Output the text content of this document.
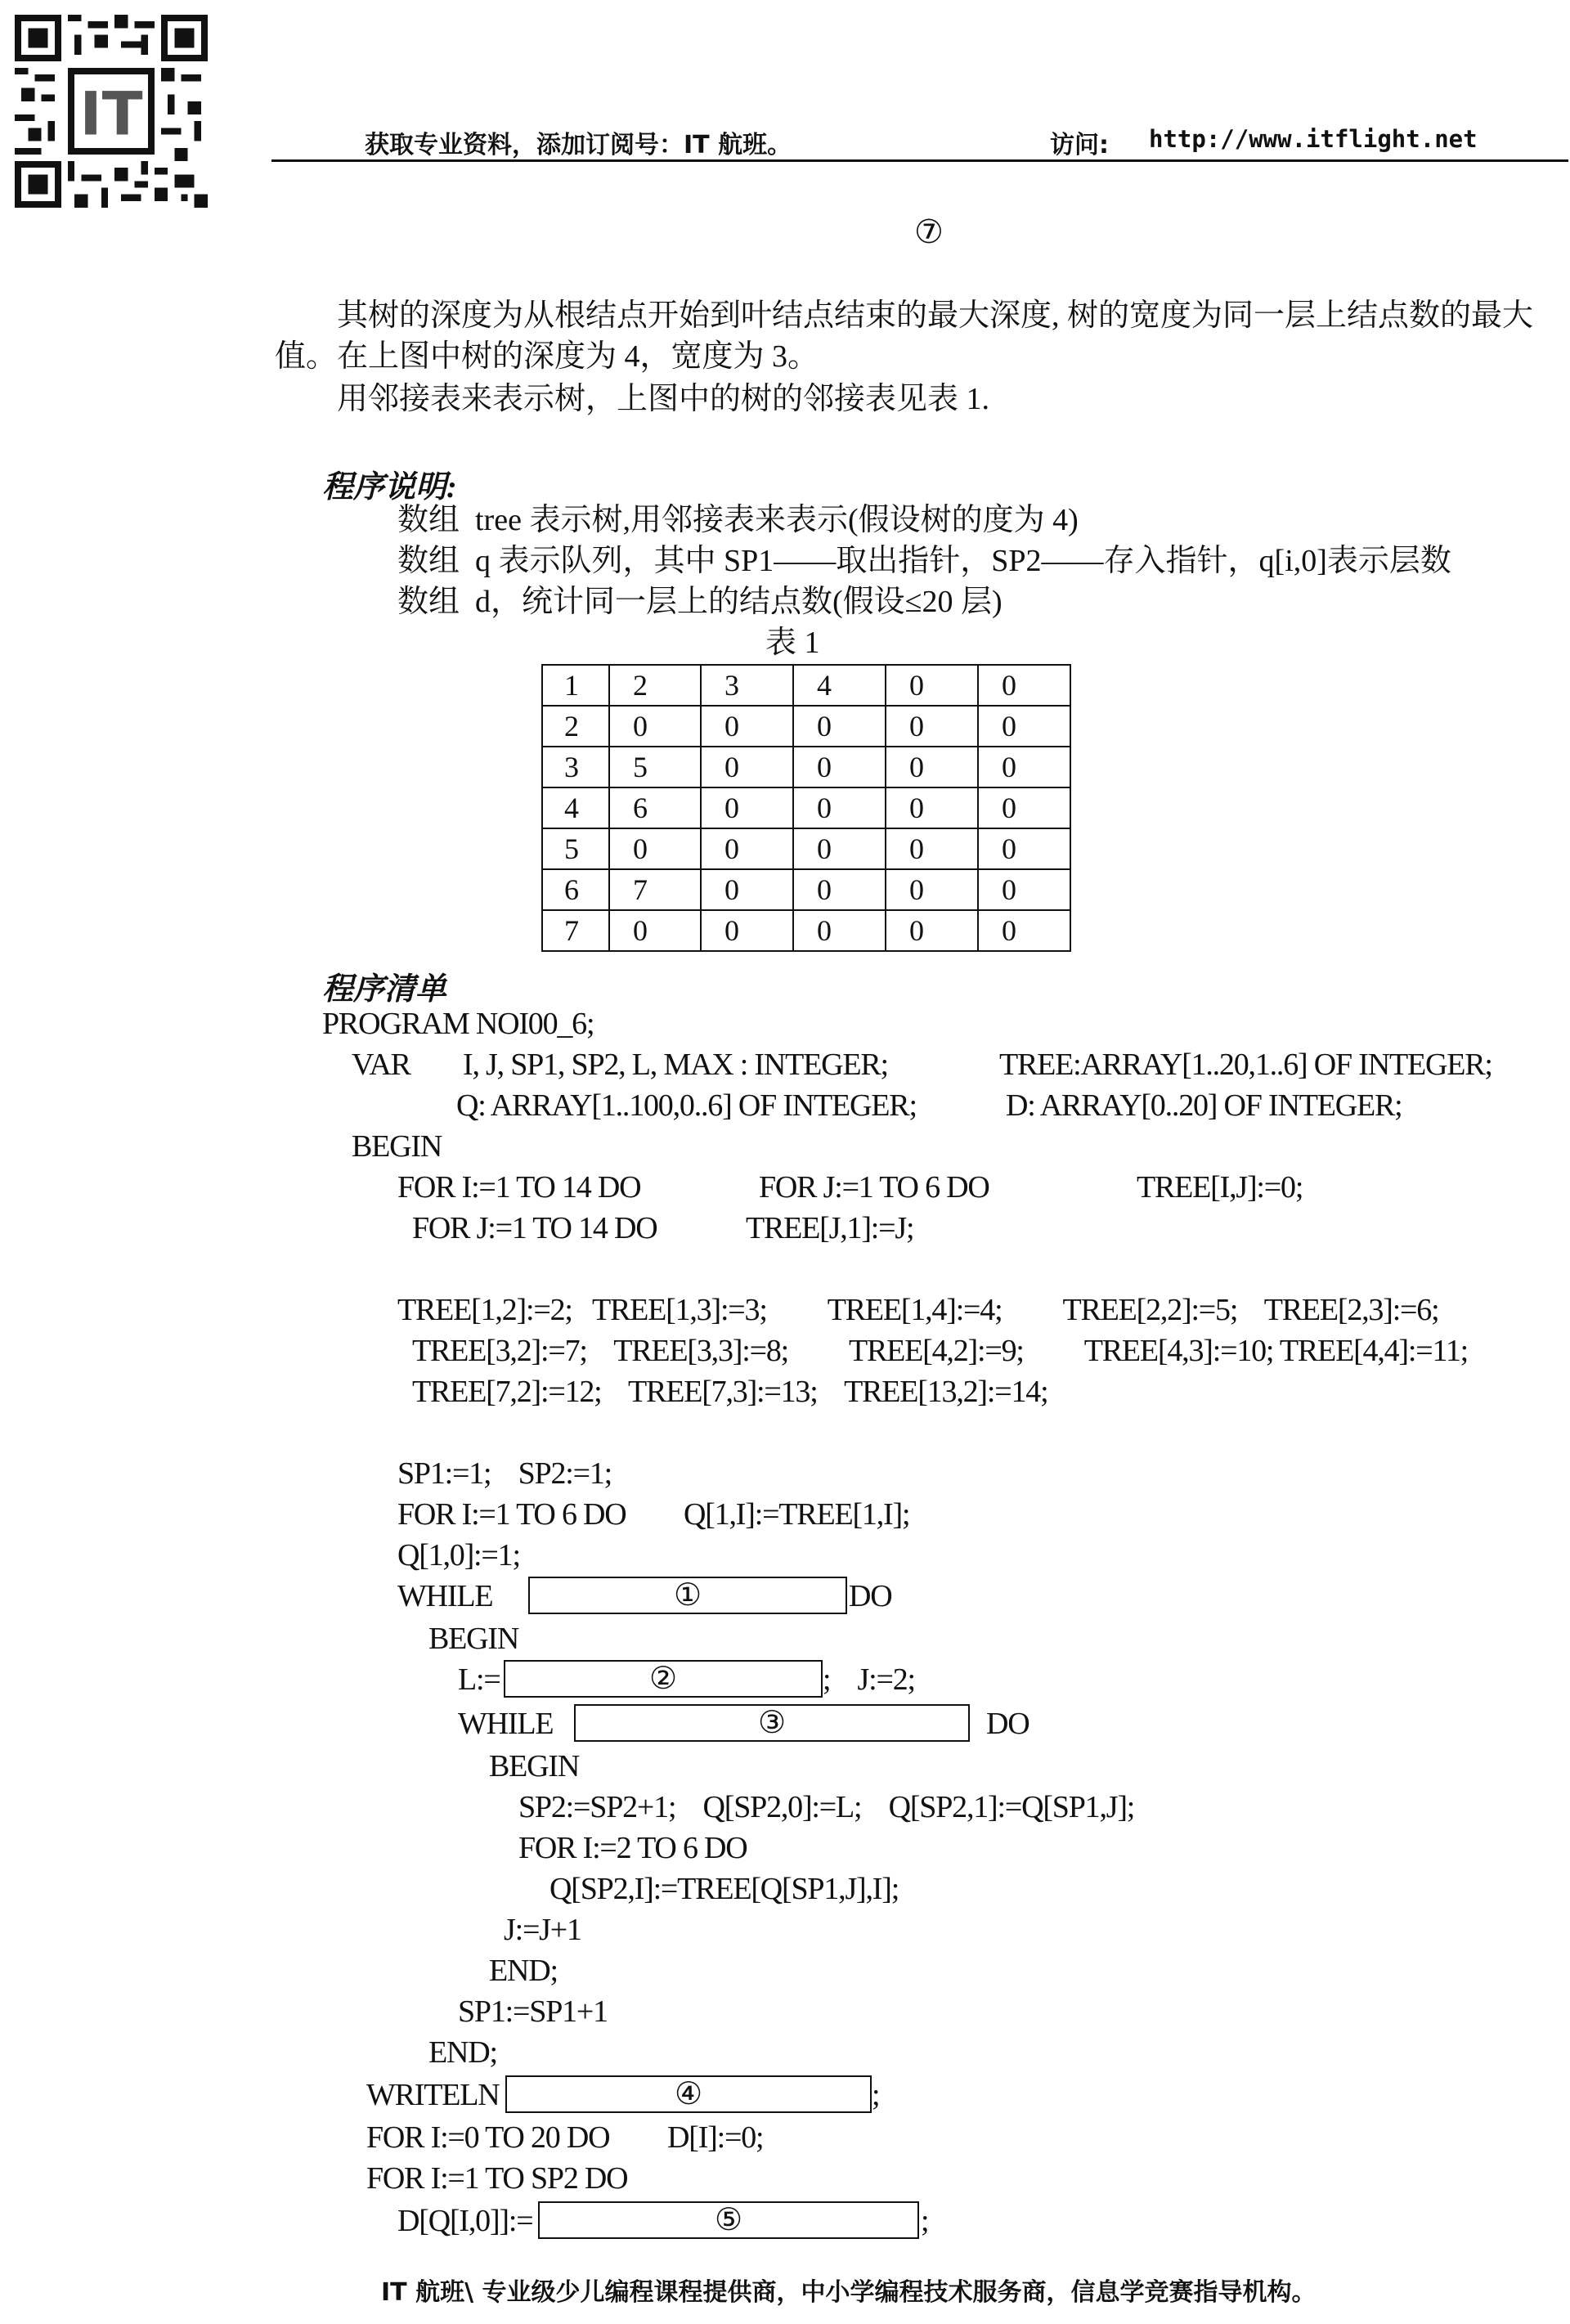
IT	获取专业资料，添加订阅号：IT 航班。	访问: http://www.itflight.net
⑦
其树的深度为从根结点开始到叶结点结束的最大深度, 树的宽度为同一层上结点数的最大
值。在上图中树的深度为 4，宽度为 3。
用邻接表来表示树，上图中的树的邻接表见表 1.
程序说明:
数组  tree 表示树,用邻接表来表示(假设树的度为 4)
数组  q 表示队列，其中 SP1——取出指针，SP2——存入指针，q[i,0]表示层数
数组  d，统计同一层上的结点数(假设≤20 层)
表 1
1	2	3	4	0	0
2	0	0	0	0	0
3	5	0	0	0	0
4	6	0	0	0	0
5	0	0	0	0	0
6	7	0	0	0	0
7	0	0	0	0	0
程序清单
PROGRAM NOI00_6;
VAR I, J, SP1, SP2, L, MAX : INTEGER;	TREE:ARRAY[1..20,1..6] OF INTEGER;
Q: ARRAY[1..100,0..6] OF INTEGER;	D: ARRAY[0..20] OF INTEGER;
BEGIN
FOR I:=1 TO 14 DO	FOR J:=1 TO 6 DO	TREE[I,J]:=0;
FOR J:=1 TO 14 DO	TREE[J,1]:=J;
TREE[1,2]:=2;   TREE[1,3]:=3;         TREE[1,4]:=4;         TREE[2,2]:=5;    TREE[2,3]:=6;
TREE[3,2]:=7;    TREE[3,3]:=8;         TREE[4,2]:=9;         TREE[4,3]:=10; TREE[4,4]:=11;
TREE[7,2]:=12;    TREE[7,3]:=13;    TREE[13,2]:=14;
SP1:=1;    SP2:=1;
FOR I:=1 TO 6 DO Q[1,I]:=TREE[1,I];
Q[1,0]:=1;
WHILE	①	DO
BEGIN
L:=	②	;    J:=2;
WHILE	③	DO
BEGIN
SP2:=SP2+1;    Q[SP2,0]:=L;    Q[SP2,1]:=Q[SP1,J];
FOR I:=2 TO 6 DO
Q[SP2,I]:=TREE[Q[SP1,J],I];
J:=J+1
END;
SP1:=SP1+1
END;
WRITELN	④	;
FOR I:=0 TO 20 DO D[I]:=0;
FOR I:=1 TO SP2 DO
D[Q[I,0]]:=	⑤	;
IT 航班\ 专业级少儿编程课程提供商，中小学编程技术服务商，信息学竞赛指导机构。
